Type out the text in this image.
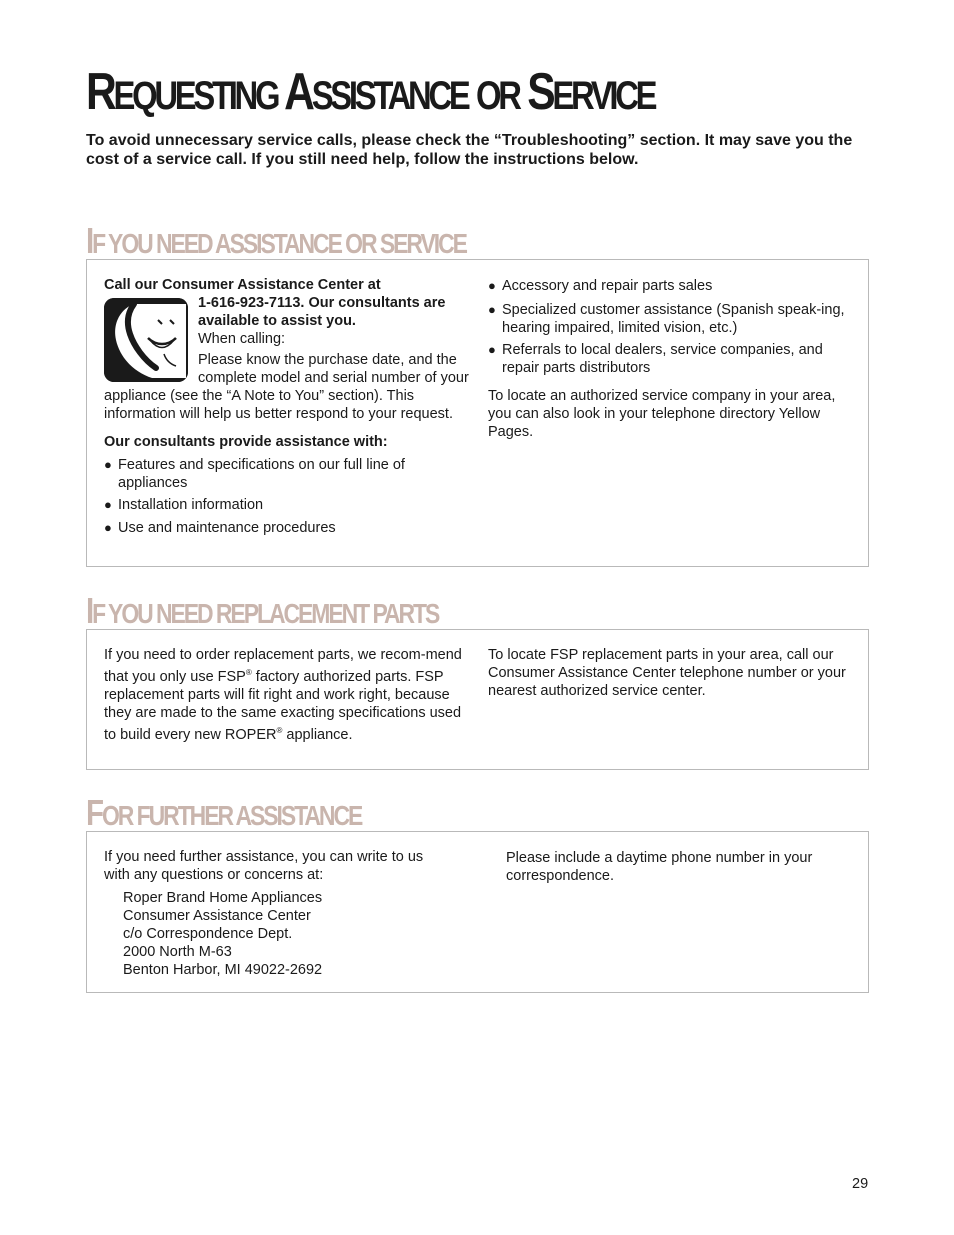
REQUESTING ASSISTANCE OR SERVICE

To avoid unnecessary service calls, please check the “Troubleshooting” section. It may save you the cost of a service call. If you still need help, follow the instructions below.

IF YOU NEED ASSISTANCE OR SERVICE

Call our Consumer Assistance Center at

1-616-923-7113. Our consultants are available to assist you.

When calling:

Please know the purchase date, and the complete model and serial number of your appliance (see the “A Note to You” section). This information will help us better respond to your request.

Our consultants provide assistance with:

● Features and specifications on our full line of appliances
● Installation information
● Use and maintenance procedures
● Accessory and repair parts sales
● Specialized customer assistance (Spanish speak-ing, hearing impaired, limited vision, etc.)
● Referrals to local dealers, service companies, and repair parts distributors

To locate an authorized service company in your area, you can also look in your telephone directory Yellow Pages.

IF YOU NEED REPLACEMENT PARTS

If you need to order replacement parts, we recom-mend that you only use FSP® factory authorized parts. FSP replacement parts will fit right and work right, because they are made to the same exacting specifications used to build every new ROPER® appliance.

To locate FSP replacement parts in your area, call our Consumer Assistance Center telephone number or your nearest authorized service center.

FOR FURTHER ASSISTANCE

If you need further assistance, you can write to us with any questions or concerns at:

Roper Brand Home Appliances

Consumer Assistance Center

c/o Correspondence Dept.

2000 North M-63

Benton Harbor, MI 49022-2692

Please include a daytime phone number in your correspondence.

29
